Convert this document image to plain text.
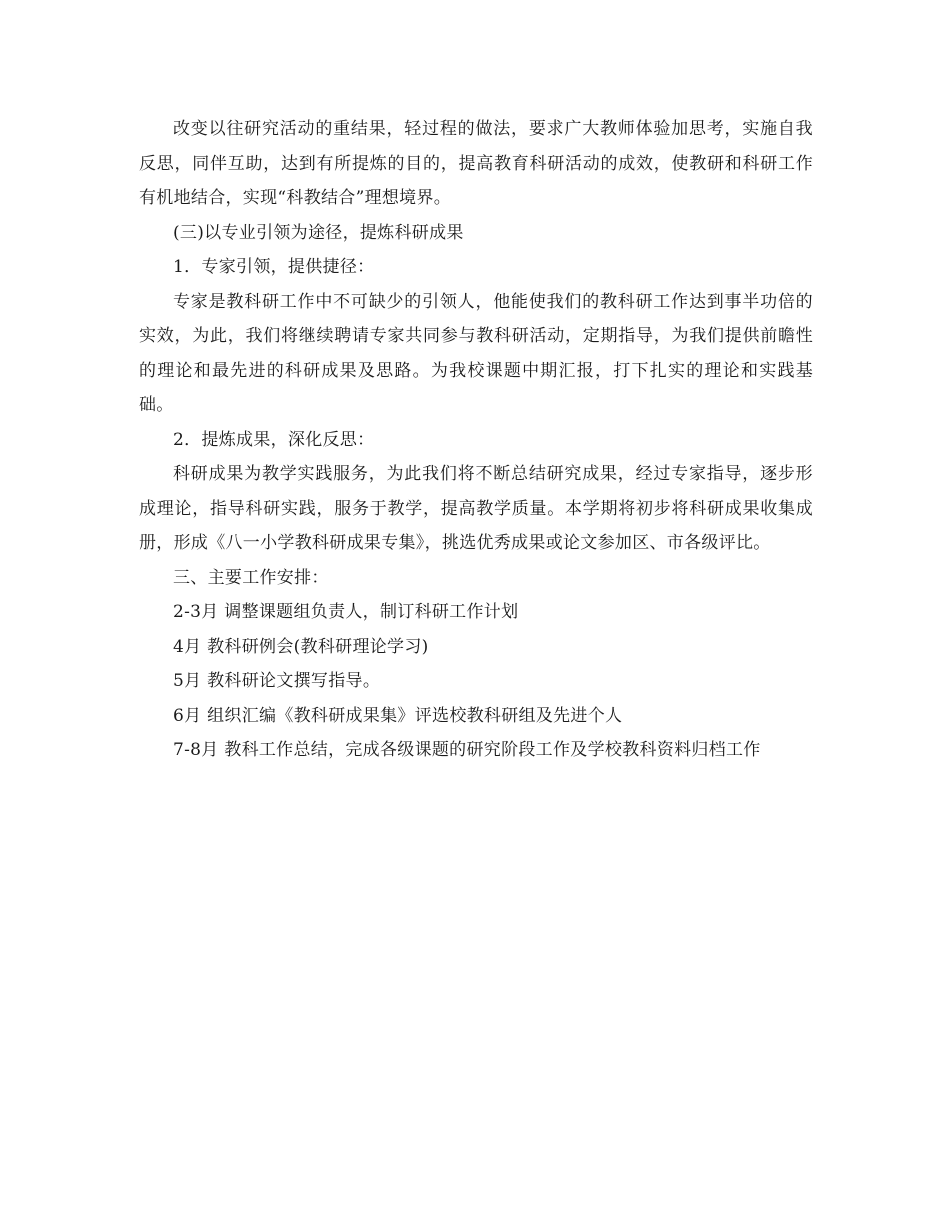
改变以往研究活动的重结果，轻过程的做法，要求广大教师体验加思考，实施自我反思，同伴互助，达到有所提炼的目的，提高教育科研活动的成效，使教研和科研工作有机地结合，实现“科教结合”理想境界。

(三)以专业引领为途径，提炼科研成果

1．专家引领，提供捷径：

专家是教科研工作中不可缺少的引领人，他能使我们的教科研工作达到事半功倍的实效，为此，我们将继续聘请专家共同参与教科研活动，定期指导，为我们提供前瞻性的理论和最先进的科研成果及思路。为我校课题中期汇报，打下扎实的理论和实践基础。

2．提炼成果，深化反思：

科研成果为教学实践服务，为此我们将不断总结研究成果，经过专家指导，逐步形成理论，指导科研实践，服务于教学，提高教学质量。本学期将初步将科研成果收集成册，形成《八一小学教科研成果专集》，挑选优秀成果或论文参加区、市各级评比。

三、主要工作安排：

2-3月 调整课题组负责人，制订科研工作计划

4月 教科研例会(教科研理论学习)

5月 教科研论文撰写指导。

6月 组织汇编《教科研成果集》评选校教科研组及先进个人

7-8月 教科工作总结，完成各级课题的研究阶段工作及学校教科资料归档工作
